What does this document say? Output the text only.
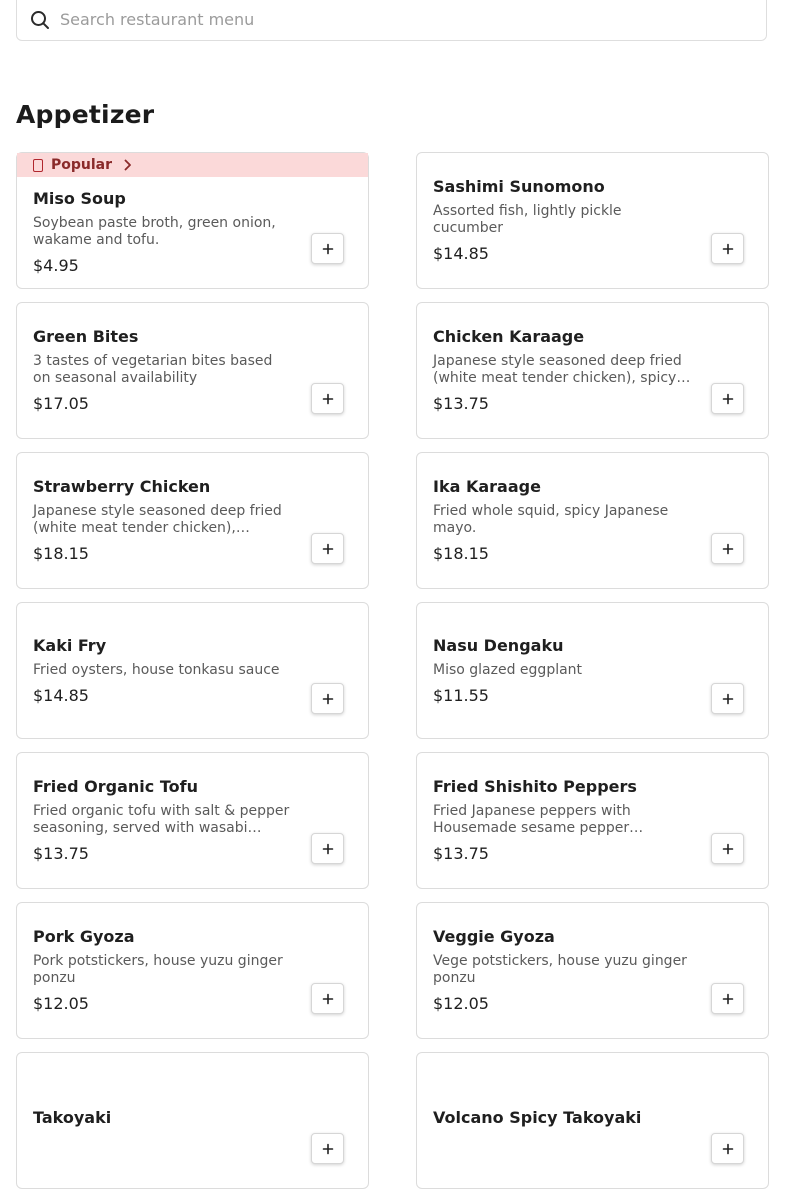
Search restaurant menu
Appetizer
Popular
Miso Soup
Soybean paste broth, green onion, wakame and tofu.
$4.95
Sashimi Sunomono
Assorted fish, lightly pickle cucumber
$14.85
Green Bites
3 tastes of vegetarian bites based on seasonal availability
$17.05
Chicken Karaage
Japanese style seasoned deep fried (white meat tender chicken), spicy…
$13.75
Strawberry Chicken
Japanese style seasoned deep fried (white meat tender chicken),…
$18.15
Ika Karaage
Fried whole squid, spicy Japanese mayo.
$18.15
Kaki Fry
Fried oysters, house tonkasu sauce
$14.85
Nasu Dengaku
Miso glazed eggplant
$11.55
Fried Organic Tofu
Fried organic tofu with salt & pepper seasoning, served with wasabi…
$13.75
Fried Shishito Peppers
Fried Japanese peppers with Housemade sesame pepper…
$13.75
Pork Gyoza
Pork potstickers, house yuzu ginger ponzu
$12.05
Veggie Gyoza
Vege potstickers, house yuzu ginger ponzu
$12.05
Takoyaki	Volcano Spicy Takoyaki
